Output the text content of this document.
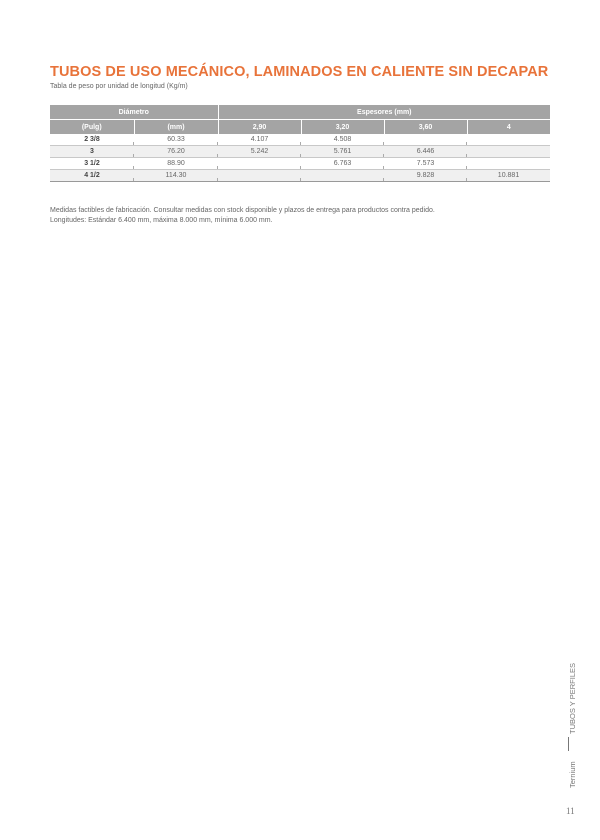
TUBOS DE USO MECÁNICO, LAMINADOS EN CALIENTE SIN DECAPAR

Tabla de peso por unidad de longitud (Kg/m)

Diámetro		Espesores (mm)			
(Pulg)	(mm)	2,90	3,20	3,60	4
2 3/8	60.33	4.107	4.508		
3	76.20	5.242	5.761	6.446	
3 1/2	88.90		6.763	7.573	
4 1/2	114.30			9.828	10.881

Medidas factibles de fabricación. Consultar medidas con stock disponible y plazos de entrega para productos contra pedido.

Longitudes: Estándar 6.400 mm, máxima 8.000 mm, mínima 6.000 mm.

TUBOS Y PERFILES
Ternium
11
